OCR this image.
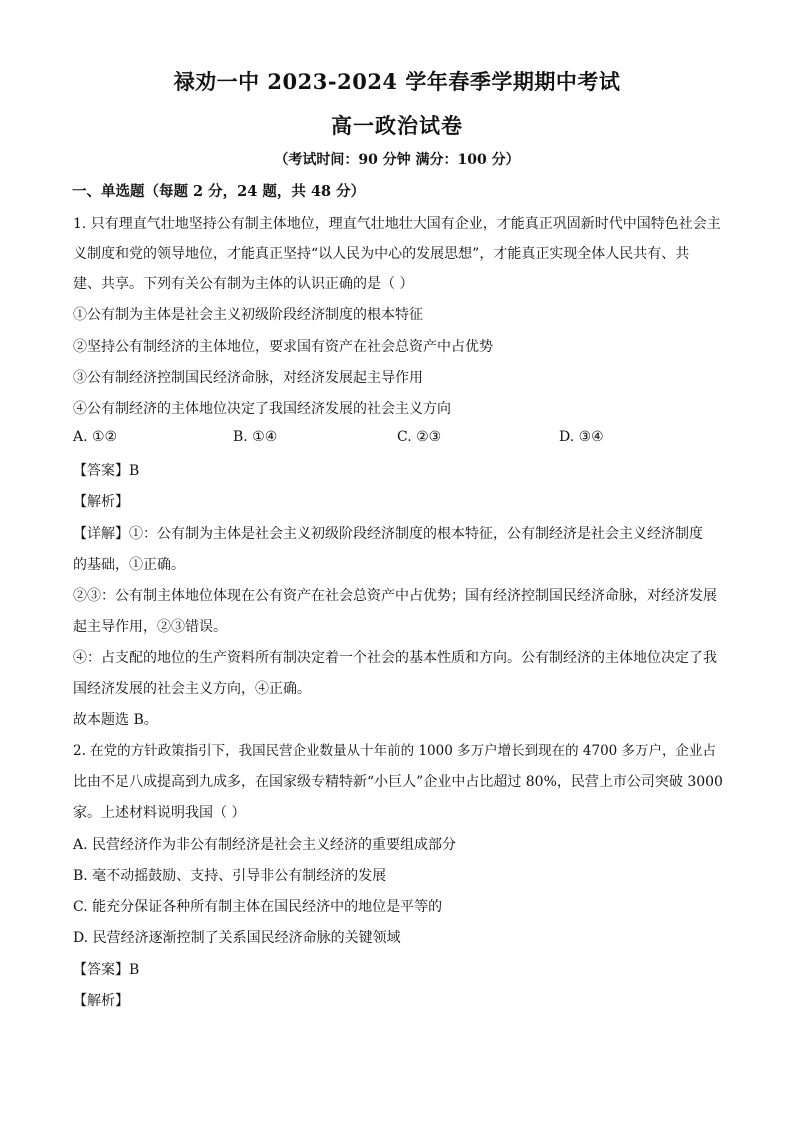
禄劝一中 2023-2024 学年春季学期期中考试
高一政治试卷
（考试时间：90 分钟 满分：100 分）
一、单选题（每题 2 分，24 题，共 48 分）
1. 只有理直气壮地坚持公有制主体地位，理直气壮地壮大国有企业，才能真正巩固新时代中国特色社会主
义制度和党的领导地位，才能真正坚持“以人民为中心的发展思想”，才能真正实现全体人民共有、共
建、共享。下列有关公有制为主体的认识正确的是（ ）
①公有制为主体是社会主义初级阶段经济制度的根本特征
②坚持公有制经济的主体地位，要求国有资产在社会总资产中占优势
③公有制经济控制国民经济命脉，对经济发展起主导作用
④公有制经济的主体地位决定了我国经济发展的社会主义方向
A. ①②	B. ①④	C. ②③	D. ③④
【答案】B
【解析】
【详解】①：公有制为主体是社会主义初级阶段经济制度的根本特征，公有制经济是社会主义经济制度
的基础，①正确。
②③：公有制主体地位体现在公有资产在社会总资产中占优势；国有经济控制国民经济命脉，对经济发展
起主导作用，②③错误。
④：占支配的地位的生产资料所有制决定着一个社会的基本性质和方向。公有制经济的主体地位决定了我
国经济发展的社会主义方向，④正确。
故本题选 B。
2. 在党的方针政策指引下，我国民营企业数量从十年前的 1000 多万户增长到现在的 4700 多万户，企业占
比由不足八成提高到九成多，在国家级专精特新“小巨人”企业中占比超过 80%，民营上市公司突破 3000
家。上述材料说明我国（ ）
A. 民营经济作为非公有制经济是社会主义经济的重要组成部分
B. 毫不动摇鼓励、支持、引导非公有制经济的发展
C. 能充分保证各种所有制主体在国民经济中的地位是平等的
D. 民营经济逐渐控制了关系国民经济命脉的关键领域
【答案】B
【解析】
